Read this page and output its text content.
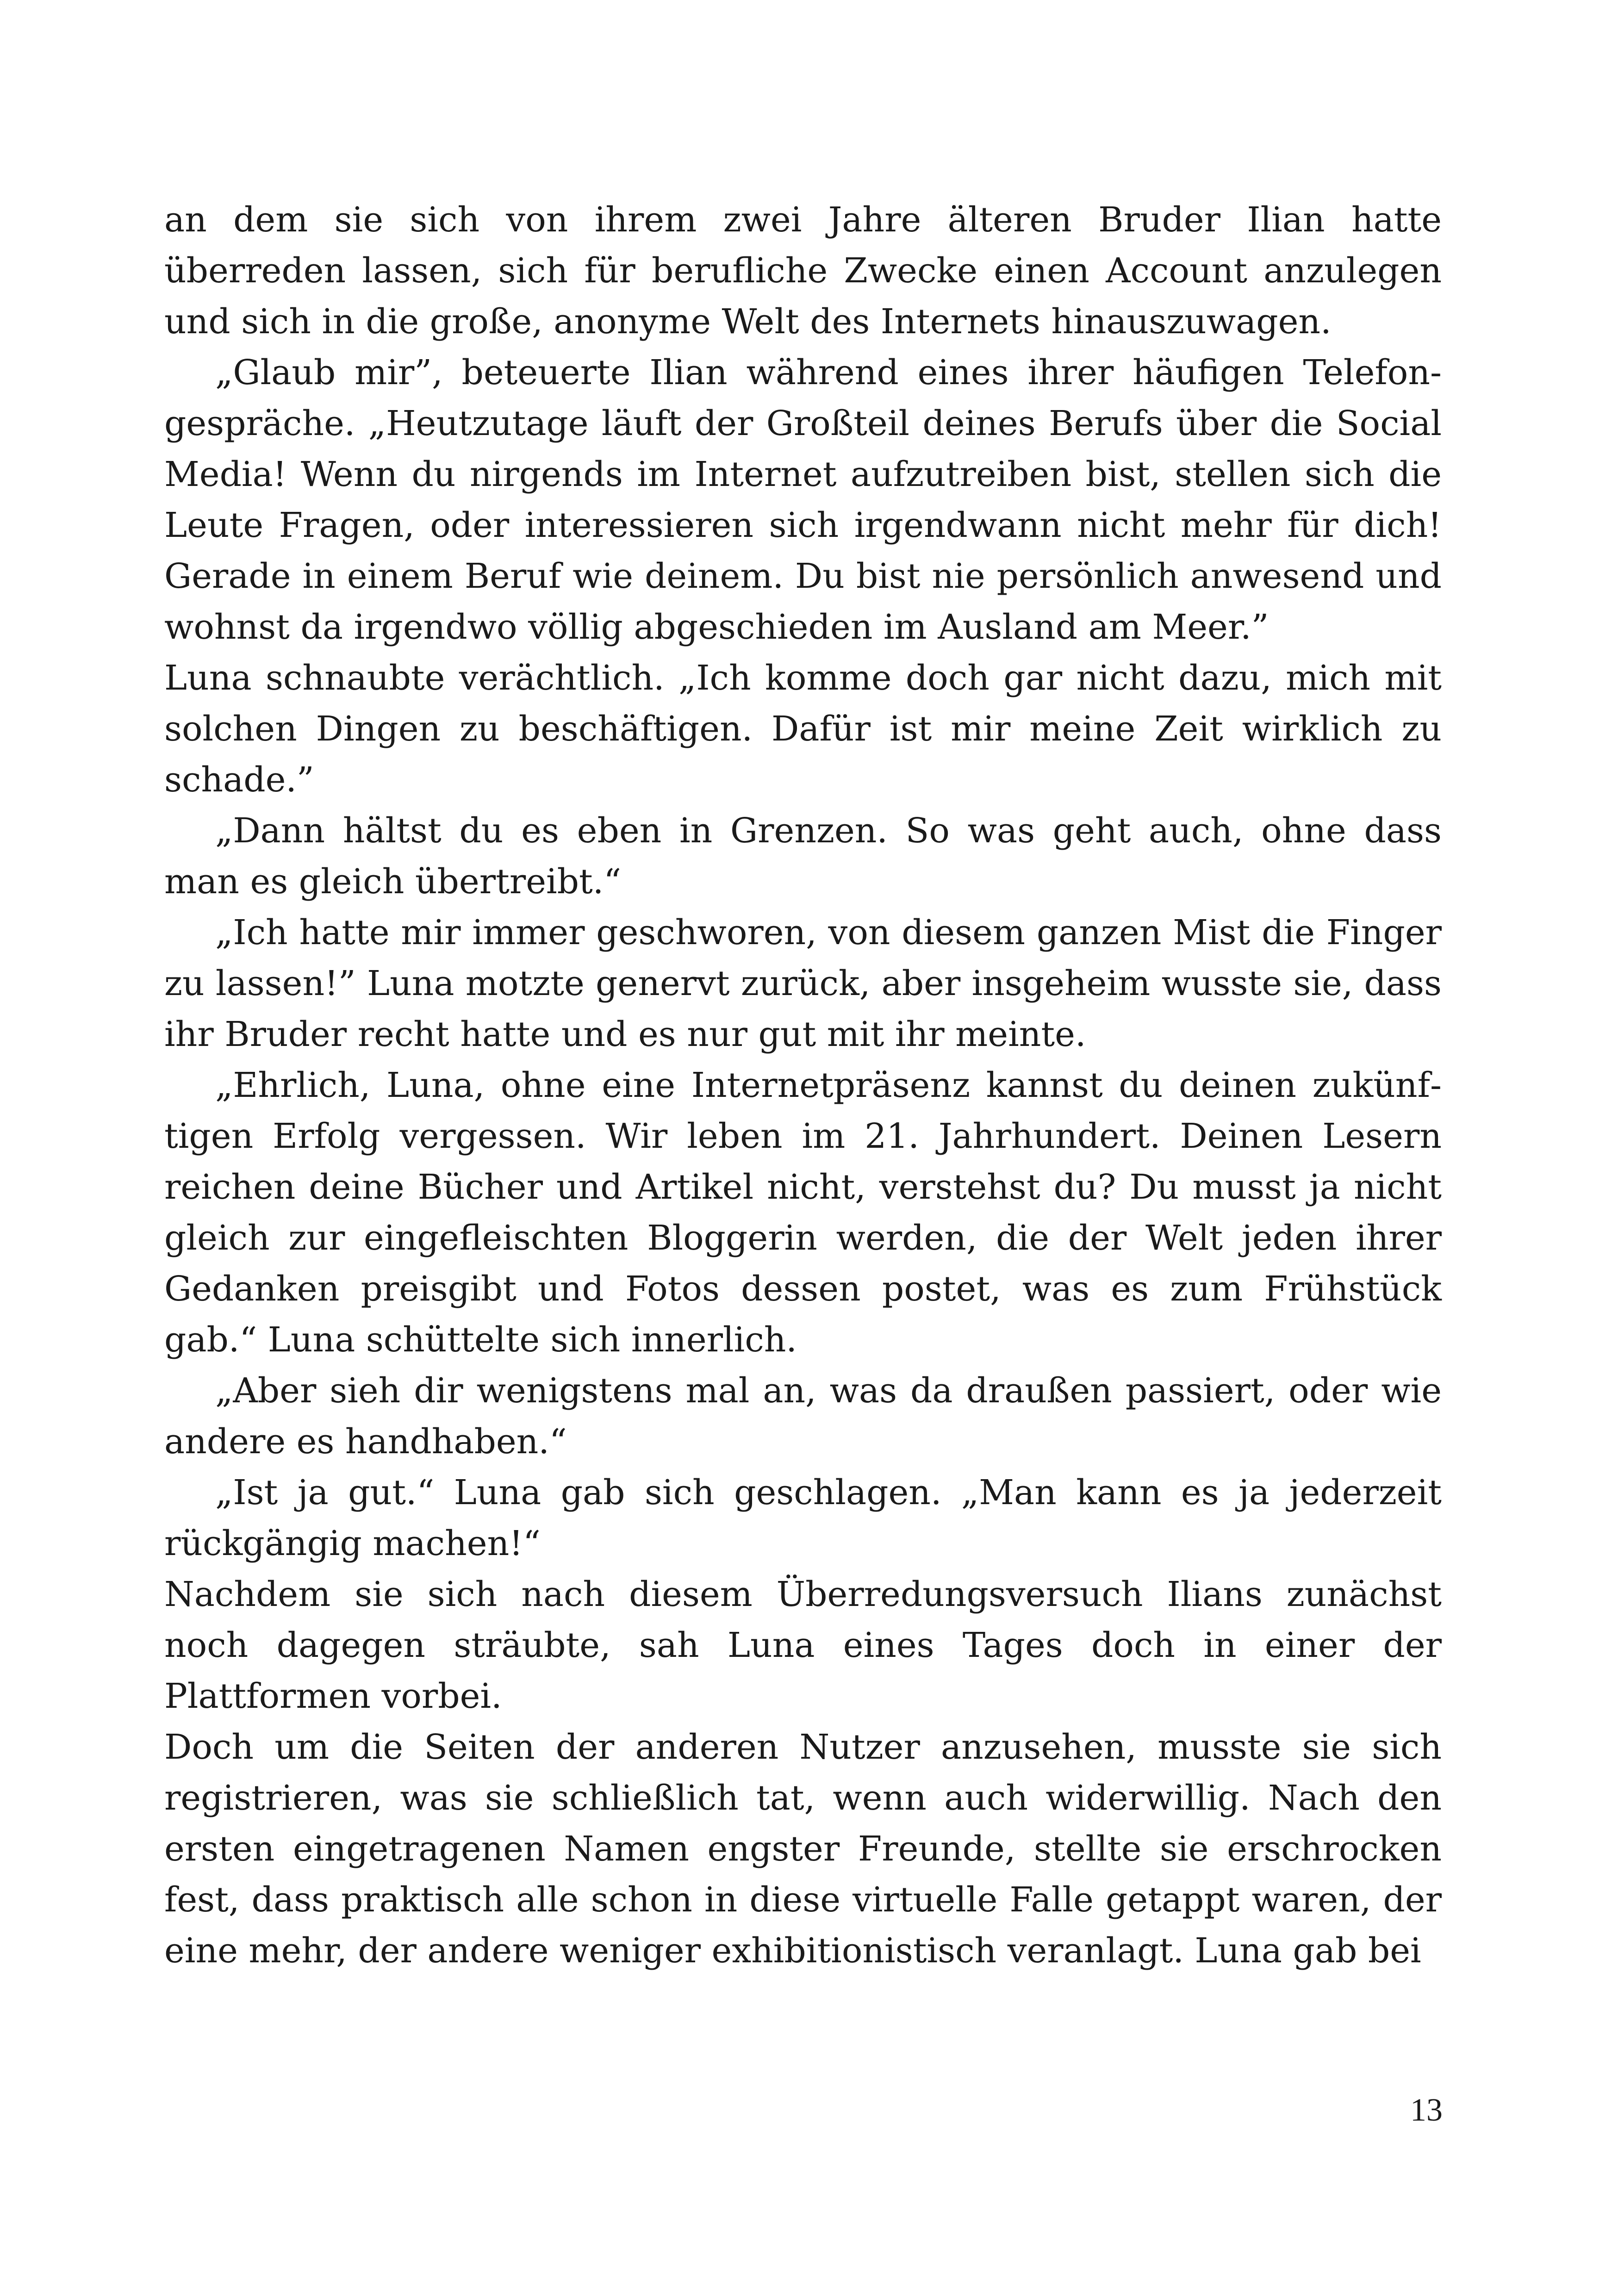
an dem sie sich von ihrem zwei Jahre älteren Bruder Ilian hatte überreden lassen, sich für berufliche Zwecke einen Account anzulegen und sich in die große, anonyme Welt des Internets hinauszuwagen.

„Glaub mir”, beteuerte Ilian während eines ihrer häufigen Telefongespräche. „Heutzutage läuft der Großteil deines Berufs über die Social Media! Wenn du nirgends im Internet aufzutreiben bist, stellen sich die Leute Fragen, oder interessieren sich irgendwann nicht mehr für dich! Gerade in einem Beruf wie deinem. Du bist nie persönlich anwesend und wohnst da irgendwo völlig abgeschieden im Ausland am Meer.”

Luna schnaubte verächtlich. „Ich komme doch gar nicht dazu, mich mit solchen Dingen zu beschäftigen. Dafür ist mir meine Zeit wirklich zu schade.”

„Dann hältst du es eben in Grenzen. So was geht auch, ohne dass man es gleich übertreibt.“

„Ich hatte mir immer geschworen, von diesem ganzen Mist die Finger zu lassen!” Luna motzte genervt zurück, aber insgeheim wusste sie, dass ihr Bruder recht hatte und es nur gut mit ihr meinte.

„Ehrlich, Luna, ohne eine Internetpräsenz kannst du deinen zukünftigen Erfolg vergessen. Wir leben im 21. Jahrhundert. Deinen Lesern reichen deine Bücher und Artikel nicht, verstehst du? Du musst ja nicht gleich zur eingefleischten Bloggerin werden, die der Welt jeden ihrer Gedanken preisgibt und Fotos dessen postet, was es zum Frühstück gab.“ Luna schüttelte sich innerlich.

„Aber sieh dir wenigstens mal an, was da draußen passiert, oder wie andere es handhaben.“

„Ist ja gut.“ Luna gab sich geschlagen. „Man kann es ja jederzeit rückgängig machen!“

Nachdem sie sich nach diesem Überredungsversuch Ilians zunächst noch dagegen sträubte, sah Luna eines Tages doch in einer der Plattformen vorbei.

Doch um die Seiten der anderen Nutzer anzusehen, musste sie sich registrieren, was sie schließlich tat, wenn auch widerwillig. Nach den ersten eingetragenen Namen engster Freunde, stellte sie erschrocken fest, dass praktisch alle schon in diese virtuelle Falle getappt waren, der eine mehr, der andere weniger exhibitionistisch veranlagt. Luna gab bei

13
